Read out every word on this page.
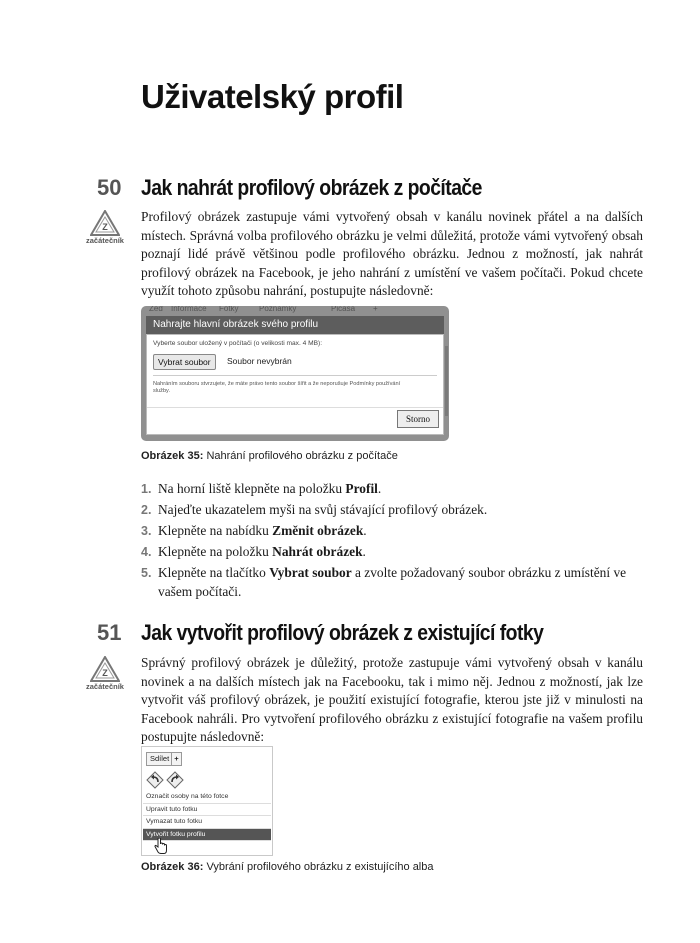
Uživatelský profil
50 Jak nahrát profilový obrázek z počítače
Z
začátečník

Profilový obrázek zastupuje vámi vytvořený obsah v kanálu novinek přátel a na dalších místech. Správná volba profilového obrázku je velmi důležitá, protože vámi vytvořený obsah poznají lidé právě většinou podle profilového obrázku. Jednou z možností, jak nahrát profilový obrázek na Facebook, je jeho nahrání z umístění ve vašem počítači. Pokud chcete využít tohoto způsobu nahrání, postupujte následovně:

Zeď Informace Fotky	Poznámky	Picasa +
Nahrajte hlavní obrázek svého profilu
Vyberte soubor uložený v počítači (o velikosti max. 4 MB):
Vybrat soubor	Soubor nevybrán
Nahráním souboru stvrzujete, že máte právo tento soubor šířit a že neporušuje Podmínky používání služby.
Storno
Obrázek 35: Nahrání profilového obrázku z počítače
1. Na horní liště klepněte na položku Profil.
2. Najeďte ukazatelem myši na svůj stávající profilový obrázek.
3. Klepněte na nabídku Změnit obrázek.
4. Klepněte na položku Nahrát obrázek.
5. Klepněte na tlačítko Vybrat soubor a zvolte požadovaný soubor obrázku z umístění ve vašem počítači.
51 Jak vytvořit profilový obrázek z existující fotky
Z
začátečník

Správný profilový obrázek je důležitý, protože zastupuje vámi vytvořený obsah v kanálu novinek a na dalších místech jak na Facebooku, tak i mimo něj. Jednou z možností, jak lze vytvořit váš profilový obrázek, je použití existující fotografie, kterou jste již v minulosti na Facebook nahráli. Pro vytvoření profilového obrázku z existující fotografie na vašem profilu postupujte následovně:

Sdílet +
Označit osoby na této fotce
Upravit tuto fotku
Vymazat tuto fotku
Vytvořit fotku profilu
Obrázek 36: Vybrání profilového obrázku z existujícího alba
